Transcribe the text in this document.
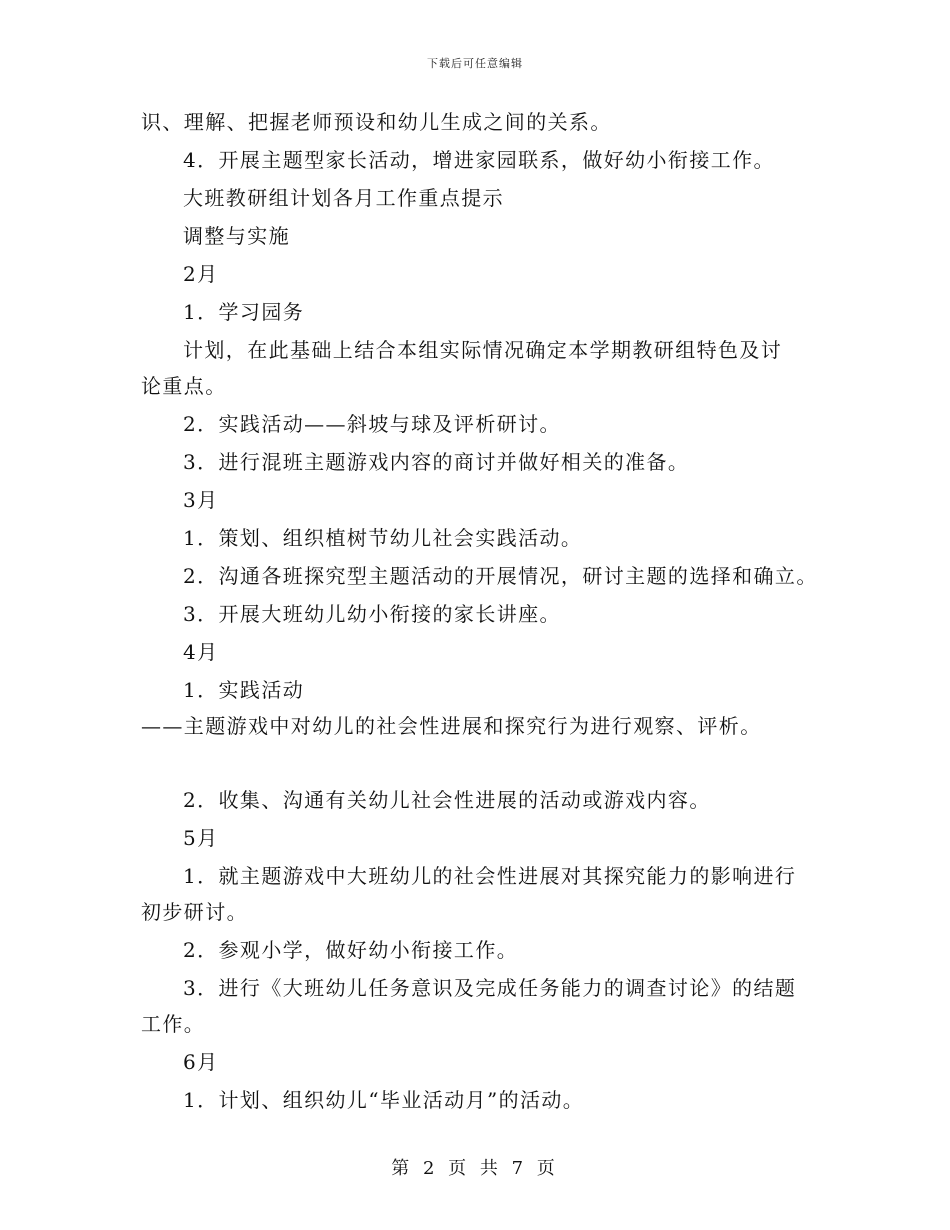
下载后可任意编辑
识、理解、把握老师预设和幼儿生成之间的关系。
4．开展主题型家长活动，增进家园联系，做好幼小衔接工作。
大班教研组计划各月工作重点提示
调整与实施
2月
1．学习园务
计划，在此基础上结合本组实际情况确定本学期教研组特色及讨
论重点。
2．实践活动——斜坡与球及评析研讨。
3．进行混班主题游戏内容的商讨并做好相关的准备。
3月
1．策划、组织植树节幼儿社会实践活动。
2．沟通各班探究型主题活动的开展情况，研讨主题的选择和确立。
3．开展大班幼儿幼小衔接的家长讲座。
4月
1．实践活动
——主题游戏中对幼儿的社会性进展和探究行为进行观察、评析。
2．收集、沟通有关幼儿社会性进展的活动或游戏内容。
5月
1．就主题游戏中大班幼儿的社会性进展对其探究能力的影响进行
初步研讨。
2．参观小学，做好幼小衔接工作。
3．进行《大班幼儿任务意识及完成任务能力的调查讨论》的结题
工作。
6月
1．计划、组织幼儿“毕业活动月”的活动。
第 2 页 共 7 页
